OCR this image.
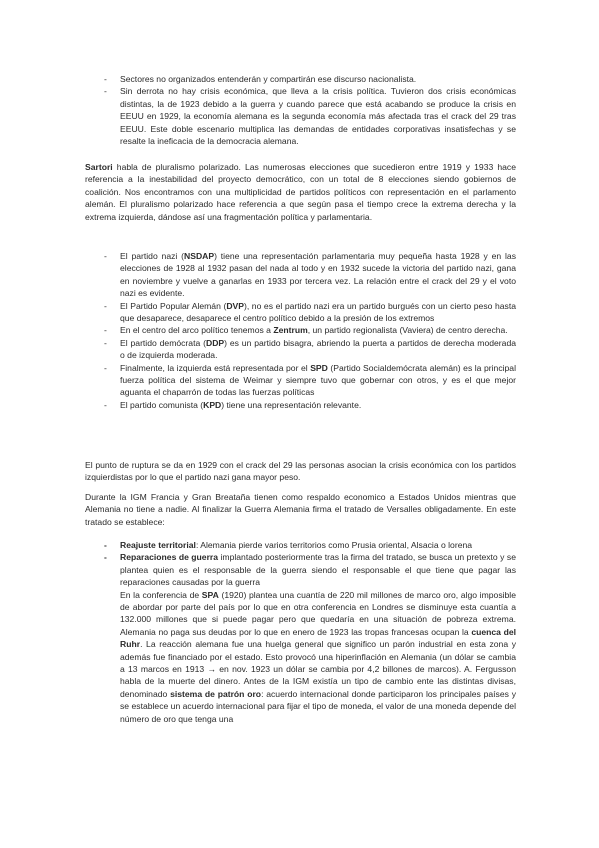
- Sectores no organizados entenderán y compartirán ese discurso nacionalista.
- Sin derrota no hay crisis económica, que lleva a la crisis política. Tuvieron dos crisis económicas distintas, la de 1923 debido a la guerra y cuando parece que está acabando se produce la crisis en EEUU en 1929, la economía alemana es la segunda economía más afectada tras el crack del 29 tras EEUU. Este doble escenario multiplica las demandas de entidades corporativas insatisfechas y se resalte la ineficacia de la democracia alemana.

Sartori habla de pluralismo polarizado. Las numerosas elecciones que sucedieron entre 1919 y 1933 hace referencia a la inestabilidad del proyecto democrático, con un total de 8 elecciones siendo gobiernos de coalición. Nos encontramos con una multiplicidad de partidos políticos con representación en el parlamento alemán. El pluralismo polarizado hace referencia a que según pasa el tiempo crece la extrema derecha y la extrema izquierda, dándose así una fragmentación política y parlamentaria.

- El partido nazi (NSDAP) tiene una representación parlamentaria muy pequeña hasta 1928 y en las elecciones de 1928 al 1932 pasan del nada al todo y en 1932 sucede la victoria del partido nazi, gana en noviembre y vuelve a ganarlas en 1933 por tercera vez. La relación entre el crack del 29 y el voto nazi es evidente.
- El Partido Popular Alemán (DVP), no es el partido nazi era un partido burgués con un cierto peso hasta que desaparece, desaparece el centro político debido a la presión de los extremos
- En el centro del arco político tenemos a Zentrum, un partido regionalista (Vaviera) de centro derecha.
- El partido demócrata (DDP) es un partido bisagra, abriendo la puerta a partidos de derecha moderada o de izquierda moderada.
- Finalmente, la izquierda está representada por el SPD (Partido Socialdemócrata alemán) es la principal fuerza política del sistema de Weimar y siempre tuvo que gobernar con otros, y es el que mejor aguanta el chaparrón de todas las fuerzas políticas
- El partido comunista (KPD) tiene una representación relevante.

El punto de ruptura se da en 1929 con el crack del 29 las personas asocian la crisis económica con los partidos izquierdistas por lo que el partido nazi gana mayor peso.

Durante la IGM Francia y Gran Breataña tienen como respaldo economico a Estados Unidos mientras que Alemania no tiene a nadie. Al finalizar la Guerra Alemania firma el tratado de Versalles obligadamente. En este tratado se establece:

- Reajuste territorial: Alemania pierde varios territorios como Prusia oriental, Alsacia o lorena
- Reparaciones de guerra implantado posteriormente tras la firma del tratado, se busca un pretexto y se plantea quien es el responsable de la guerra siendo el responsable el que tiene que pagar las reparaciones causadas por la guerra
En la conferencia de SPA (1920) plantea una cuantía de 220 mil millones de marco oro, algo imposible de abordar por parte del país por lo que en otra conferencia en Londres se disminuye esta cuantía a 132.000 millones que si puede pagar pero que quedaría en una situación de pobreza extrema. Alemania no paga sus deudas por lo que en enero de 1923 las tropas francesas ocupan la cuenca del Ruhr. La reacción alemana fue una huelga general que significo un parón industrial en esta zona y además fue financiado por el estado. Esto provocó una hiperinflación en Alemania (un dólar se cambia a 13 marcos en 1913 → en nov. 1923 un dólar se cambia por 4,2 billones de marcos). A. Fergusson habla de la muerte del dinero. Antes de la IGM existía un tipo de cambio ente las distintas divisas, denominado sistema de patrón oro: acuerdo internacional donde participaron los principales países y se establece un acuerdo internacional para fijar el tipo de moneda, el valor de una moneda depende del número de oro que tenga una
